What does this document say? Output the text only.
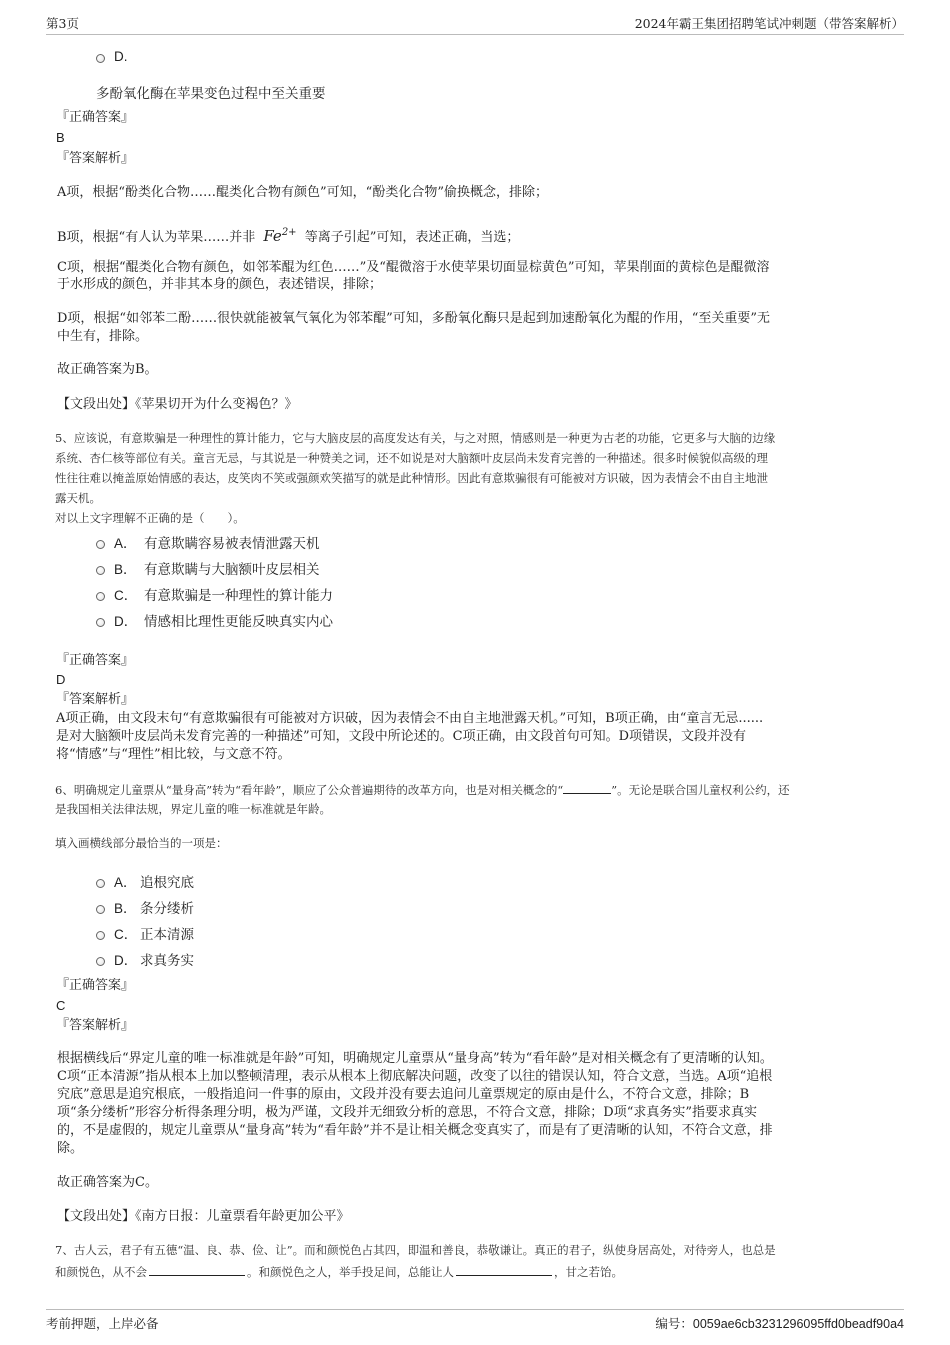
第3页	2024年霸王集团招聘笔试冲刺题（带答案解析）
D.
多酚氧化酶在苹果变色过程中至关重要
『正确答案』
B
『答案解析』
A项，根据“酚类化合物……醌类化合物有颜色”可知，“酚类化合物”偷换概念，排除；
B项，根据“有人认为苹果……并非 $Fe^{2+}$ 等离子引起”可知，表述正确，当选；
C项，根据“醌类化合物有颜色，如邻苯醌为红色……”及“醌微溶于水使苹果切面显棕黄色”可知，苹果削面的黄棕色是醌微溶
于水形成的颜色，并非其本身的颜色，表述错误，排除；
D项，根据“如邻苯二酚……很快就能被氧气氧化为邻苯醌”可知，多酚氧化酶只是起到加速酚氧化为醌的作用，“至关重要”无
中生有，排除。
故正确答案为B。
【文段出处】《苹果切开为什么变褐色？》
5、应该说，有意欺骗是一种理性的算计能力，它与大脑皮层的高度发达有关，与之对照，情感则是一种更为古老的功能，它更多与大脑的边缘
系统、杏仁核等部位有关。童言无忌，与其说是一种赞美之词，还不如说是对大脑额叶皮层尚未发育完善的一种描述。很多时候貌似高级的理
性往往难以掩盖原始情感的表达，皮笑肉不笑或强颜欢笑描写的就是此种情形。因此有意欺骗很有可能被对方识破，因为表情会不由自主地泄
露天机。
对以上文字理解不正确的是（　　）。
A． 有意欺瞒容易被表情泄露天机
B． 有意欺瞒与大脑额叶皮层相关
C． 有意欺骗是一种理性的算计能力
D． 情感相比理性更能反映真实内心
『正确答案』
D
『答案解析』
A项正确，由文段末句“有意欺骗很有可能被对方识破，因为表情会不由自主地泄露天机。”可知，B项正确，由“童言无忌......
是对大脑额叶皮层尚未发育完善的一种描述”可知，文段中所论述的。C项正确，由文段首句可知。D项错误，文段并没有
将“情感”与“理性”相比较，与文意不符。
6、明确规定儿童票从“量身高”转为“看年龄”，顺应了公众普遍期待的改革方向，也是对相关概念的“	”。无论是联合国儿童权利公约，还
是我国相关法律法规，界定儿童的唯一标准就是年龄。
填入画横线部分最恰当的一项是：
A． 追根究底
B． 条分缕析
C． 正本清源
D． 求真务实
『正确答案』
C
『答案解析』
根据横线后“界定儿童的唯一标准就是年龄”可知，明确规定儿童票从“量身高”转为“看年龄”是对相关概念有了更清晰的认知。
C项“正本清源”指从根本上加以整顿清理，表示从根本上彻底解决问题，改变了以往的错误认知，符合文意，当选。A项“追根
究底”意思是追究根底，一般指追问一件事的原由，文段并没有要去追问儿童票规定的原由是什么，不符合文意，排除；B
项“条分缕析”形容分析得条理分明，极为严谨，文段并无细致分析的意思，不符合文意，排除；D项“求真务实”指要求真实
的，不是虚假的，规定儿童票从“量身高”转为“看年龄”并不是让相关概念变真实了，而是有了更清晰的认知，不符合文意，排
除。
故正确答案为C。
【文段出处】《南方日报：儿童票看年龄更加公平》
7、古人云，君子有五德“温、良、恭、俭、让”。而和颜悦色占其四，即温和善良，恭敬谦让。真正的君子，纵使身居高处，对待旁人，也总是
和颜悦色，从不会	。和颜悦色之人，举手投足间，总能让人	，甘之若饴。
考前押题，上岸必备	编号：0059ae6cb3231296095ffd0beadf90a4
